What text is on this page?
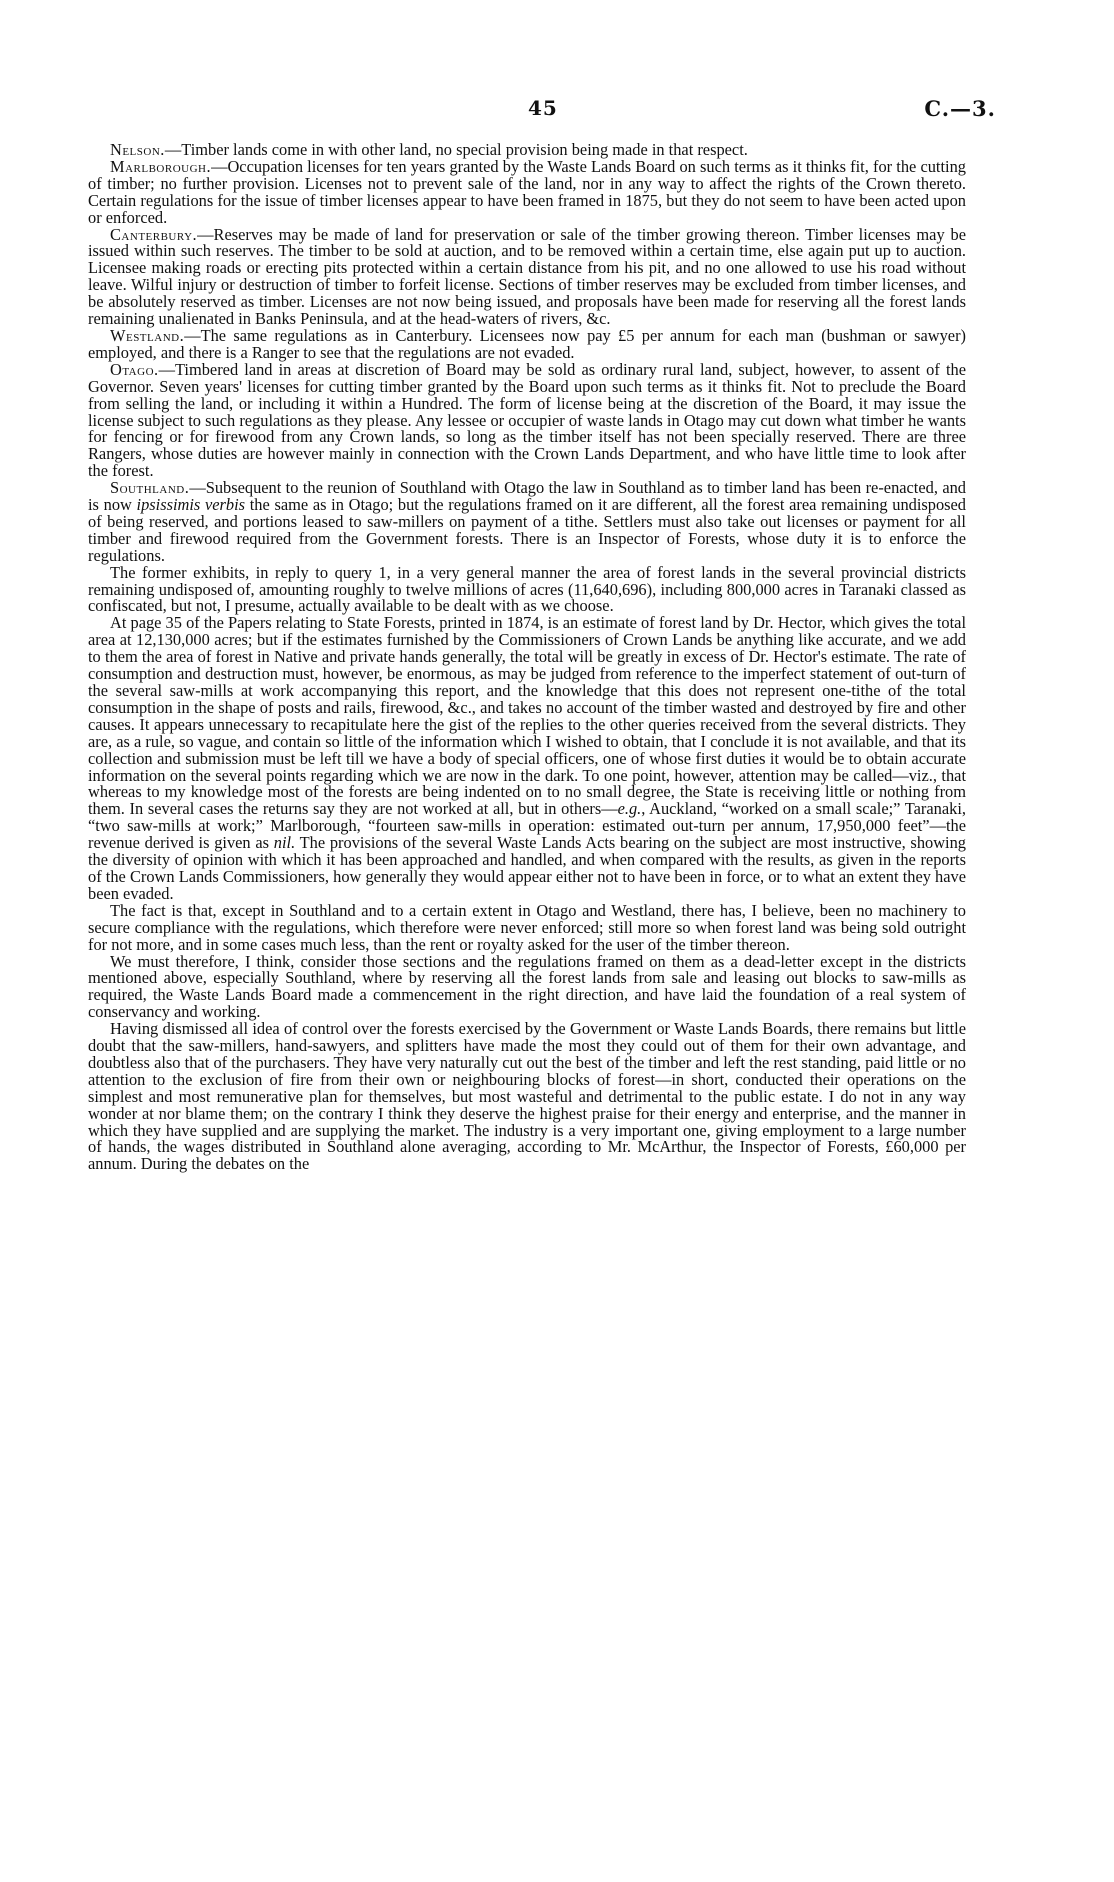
45	C.—3.

Nelson.—Timber lands come in with other land, no special provision being made in that respect.

Marlborough.—Occupation licenses for ten years granted by the Waste Lands Board on such terms as it thinks fit, for the cutting of timber; no further provision. Licenses not to prevent sale of the land, nor in any way to affect the rights of the Crown thereto. Certain regulations for the issue of timber licenses appear to have been framed in 1875, but they do not seem to have been acted upon or enforced.

Canterbury.—Reserves may be made of land for preservation or sale of the timber growing thereon. Timber licenses may be issued within such reserves. The timber to be sold at auction, and to be removed within a certain time, else again put up to auction. Licensee making roads or erecting pits protected within a certain distance from his pit, and no one allowed to use his road without leave. Wilful injury or destruction of timber to forfeit license. Sections of timber reserves may be excluded from timber licenses, and be absolutely reserved as timber. Licenses are not now being issued, and proposals have been made for reserving all the forest lands remaining unalienated in Banks Peninsula, and at the head-waters of rivers, &c.

Westland.—The same regulations as in Canterbury. Licensees now pay £5 per annum for each man (bushman or sawyer) employed, and there is a Ranger to see that the regulations are not evaded.

Otago.—Timbered land in areas at discretion of Board may be sold as ordinary rural land, subject, however, to assent of the Governor. Seven years' licenses for cutting timber granted by the Board upon such terms as it thinks fit. Not to preclude the Board from selling the land, or including it within a Hundred. The form of license being at the discretion of the Board, it may issue the license subject to such regulations as they please. Any lessee or occupier of waste lands in Otago may cut down what timber he wants for fencing or for firewood from any Crown lands, so long as the timber itself has not been specially reserved. There are three Rangers, whose duties are however mainly in connection with the Crown Lands Department, and who have little time to look after the forest.

Southland.—Subsequent to the reunion of Southland with Otago the law in Southland as to timber land has been re-enacted, and is now ipsissimis verbis the same as in Otago; but the regulations framed on it are different, all the forest area remaining undisposed of being reserved, and portions leased to saw-millers on payment of a tithe. Settlers must also take out licenses or payment for all timber and firewood required from the Government forests. There is an Inspector of Forests, whose duty it is to enforce the regulations.

The former exhibits, in reply to query 1, in a very general manner the area of forest lands in the several provincial districts remaining undisposed of, amounting roughly to twelve millions of acres (11,640,696), including 800,000 acres in Taranaki classed as confiscated, but not, I presume, actually available to be dealt with as we choose.

At page 35 of the Papers relating to State Forests, printed in 1874, is an estimate of forest land by Dr. Hector, which gives the total area at 12,130,000 acres; but if the estimates furnished by the Commissioners of Crown Lands be anything like accurate, and we add to them the area of forest in Native and private hands generally, the total will be greatly in excess of Dr. Hector's estimate. The rate of consumption and destruction must, however, be enormous, as may be judged from reference to the imperfect statement of out-turn of the several saw-mills at work accompanying this report, and the knowledge that this does not represent one-tithe of the total consumption in the shape of posts and rails, firewood, &c., and takes no account of the timber wasted and destroyed by fire and other causes. It appears unnecessary to recapitulate here the gist of the replies to the other queries received from the several districts. They are, as a rule, so vague, and contain so little of the information which I wished to obtain, that I conclude it is not available, and that its collection and submission must be left till we have a body of special officers, one of whose first duties it would be to obtain accurate information on the several points regarding which we are now in the dark. To one point, however, attention may be called—viz., that whereas to my knowledge most of the forests are being indented on to no small degree, the State is receiving little or nothing from them. In several cases the returns say they are not worked at all, but in others—e.g., Auckland, “worked on a small scale;” Taranaki, “two saw-mills at work;” Marlborough, “fourteen saw-mills in operation: estimated out-turn per annum, 17,950,000 feet”—the revenue derived is given as nil. The provisions of the several Waste Lands Acts bearing on the subject are most instructive, showing the diversity of opinion with which it has been approached and handled, and when compared with the results, as given in the reports of the Crown Lands Commissioners, how generally they would appear either not to have been in force, or to what an extent they have been evaded.

The fact is that, except in Southland and to a certain extent in Otago and Westland, there has, I believe, been no machinery to secure compliance with the regulations, which therefore were never enforced; still more so when forest land was being sold outright for not more, and in some cases much less, than the rent or royalty asked for the user of the timber thereon.

We must therefore, I think, consider those sections and the regulations framed on them as a dead-letter except in the districts mentioned above, especially Southland, where by reserving all the forest lands from sale and leasing out blocks to saw-mills as required, the Waste Lands Board made a commencement in the right direction, and have laid the foundation of a real system of conservancy and working.

Having dismissed all idea of control over the forests exercised by the Government or Waste Lands Boards, there remains but little doubt that the saw-millers, hand-sawyers, and splitters have made the most they could out of them for their own advantage, and doubtless also that of the purchasers. They have very naturally cut out the best of the timber and left the rest standing, paid little or no attention to the exclusion of fire from their own or neighbouring blocks of forest—in short, conducted their operations on the simplest and most remunerative plan for themselves, but most wasteful and detrimental to the public estate. I do not in any way wonder at nor blame them; on the contrary I think they deserve the highest praise for their energy and enterprise, and the manner in which they have supplied and are supplying the market. The industry is a very important one, giving employment to a large number of hands, the wages distributed in Southland alone averaging, according to Mr. McArthur, the Inspector of Forests, £60,000 per annum. During the debates on the
